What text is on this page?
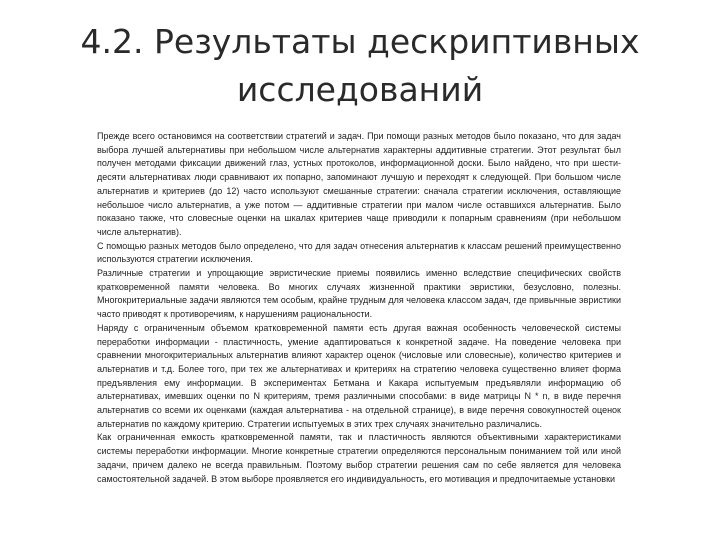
4.2. Результаты дескриптивных
исследований

Прежде всего остановимся на соответствии стратегий и задач. При помощи разных методов было показано, что для задач выбора лучшей альтернативы при небольшом числе альтернатив характерны аддитивные стратегии. Этот результат был получен методами фиксации движений глаз, устных протоколов, информационной доски. Было найдено, что при шести-десяти альтернативах люди сравнивают их попарно, запоминают лучшую и переходят к следующей. При большом числе альтернатив и критериев (до 12) часто используют смешанные стратегии: сначала стратегии исключения, оставляющие небольшое число альтернатив, а уже потом — аддитивные стратегии при малом числе оставшихся альтернатив. Было показано также, что словесные оценки на шкалах критериев чаще приводили к попарным сравнениям (при небольшом числе альтернатив).

С помощью разных методов было определено, что для задач отнесения альтернатив к классам решений преимущественно используются стратегии исключения.

Различные стратегии и упрощающие эвристические приемы появились именно вследствие специфических свойств кратковременной памяти человека. Во многих случаях жизненной практики эвристики, безусловно, полезны. Многокритериальные задачи являются тем особым, крайне трудным для человека классом задач, где привычные эвристики часто приводят к противоречиям, к нарушениям рациональности.

Наряду с ограниченным объемом кратковременной памяти есть другая важная особенность человеческой системы переработки информации - пластичность, умение адаптироваться к конкретной задаче. На поведение человека при сравнении многокритериальных альтернатив влияют характер оценок (числовые или словесные), количество критериев и альтернатив и т.д. Более того, при тех же альтернативах и критериях на стратегию человека существенно влияет форма предъявления ему информации. В экспериментах Бетмана и Какара испытуемым предъявляли информацию об альтернативах, имевших оценки по N критериям, тремя различными способами: в виде матрицы N * n, в виде перечня альтернатив со всеми их оценками (каждая альтернатива - на отдельной странице), в виде перечня совокупностей оценок альтернатив по каждому критерию. Стратегии испытуемых в этих трех случаях значительно различались.

Как ограниченная емкость кратковременной памяти, так и пластичность являются объективными характеристиками системы переработки информации. Многие конкретные стратегии определяются персональным пониманием той или иной задачи, причем далеко не всегда правильным. Поэтому выбор стратегии решения сам по себе является для человека самостоятельной задачей. В этом выборе проявляется его индивидуальность, его мотивация и предпочитаемые установки
